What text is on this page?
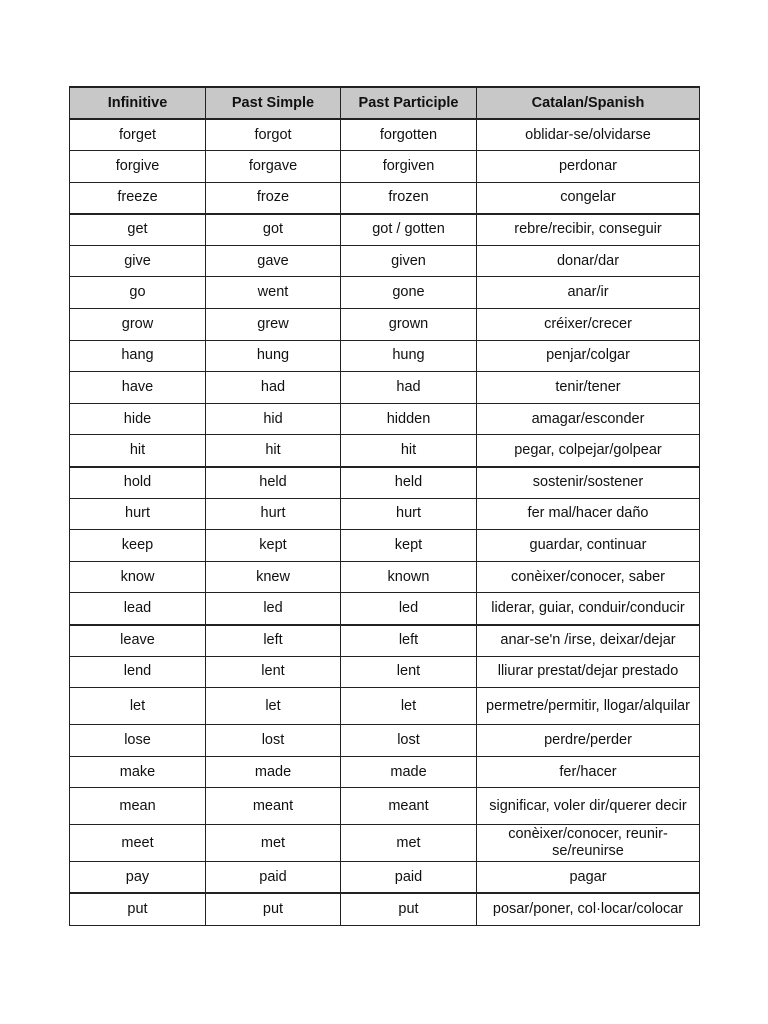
Infinitive	Past Simple	Past Participle	Catalan/Spanish
forget	forgot	forgotten	oblidar-se/olvidarse
forgive	forgave	forgiven	perdonar
freeze	froze	frozen	congelar
get	got	got / gotten	rebre/recibir, conseguir
give	gave	given	donar/dar
go	went	gone	anar/ir
grow	grew	grown	créixer/crecer
hang	hung	hung	penjar/colgar
have	had	had	tenir/tener
hide	hid	hidden	amagar/esconder
hit	hit	hit	pegar, colpejar/golpear
hold	held	held	sostenir/sostener
hurt	hurt	hurt	fer mal/hacer daño
keep	kept	kept	guardar, continuar
know	knew	known	conèixer/conocer, saber
lead	led	led	liderar, guiar, conduir/conducir
leave	left	left	anar-se'n /irse, deixar/dejar
lend	lent	lent	lliurar prestat/dejar prestado
let	let	let	permetre/permitir, llogar/alquilar
lose	lost	lost	perdre/perder
make	made	made	fer/hacer
mean	meant	meant	significar, voler dir/querer decir
meet	met	met	conèixer/conocer, reunir-se/reunirse
pay	paid	paid	pagar
put	put	put	posar/poner, col·locar/colocar
